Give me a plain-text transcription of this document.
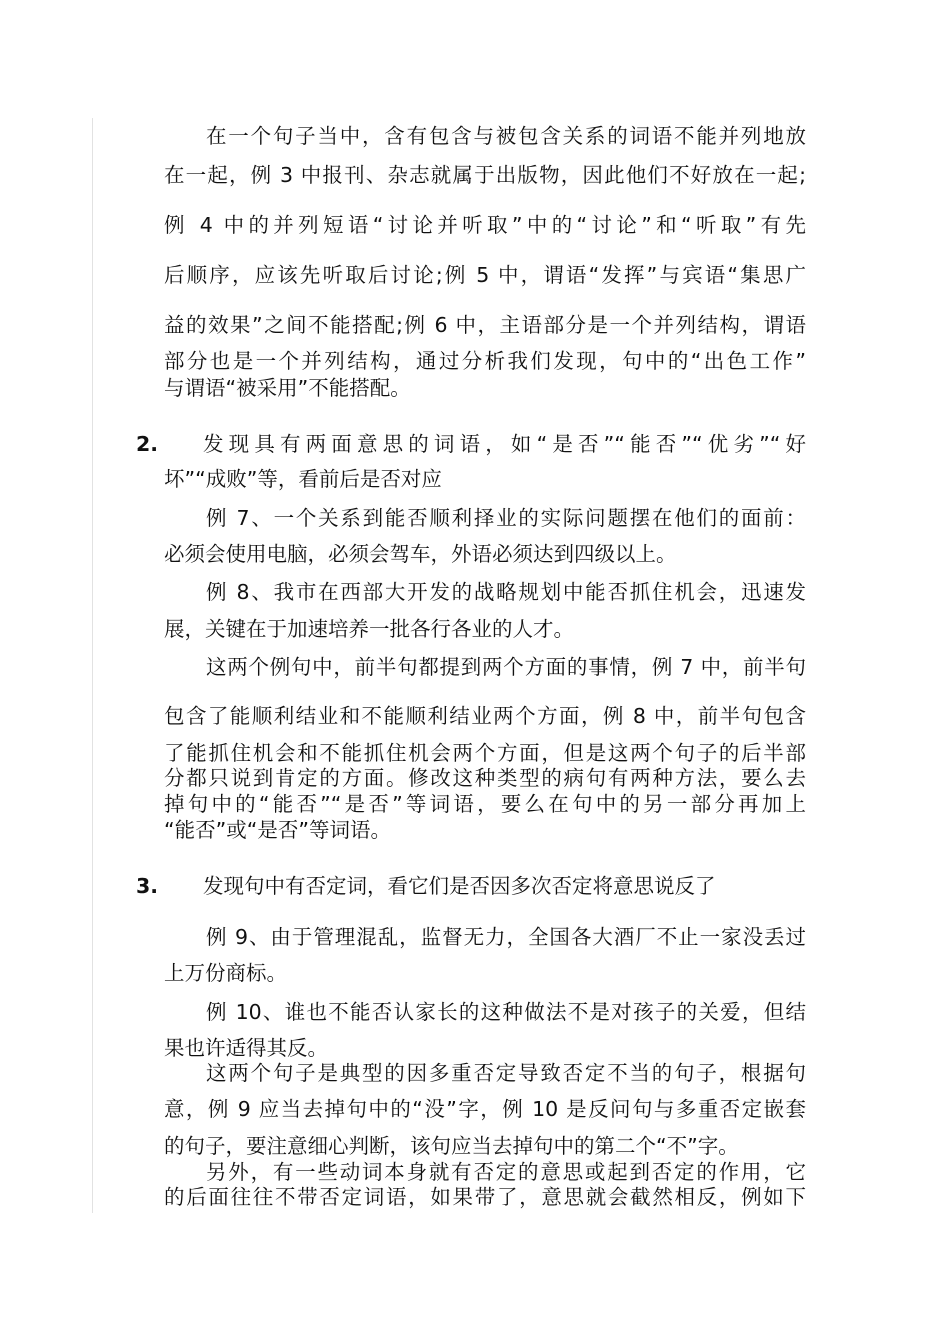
在一个句子当中，含有包含与被包含关系的词语不能并列地放
在一起，例 3 中报刊、杂志就属于出版物，因此他们不好放在一起;
例 4 中的并列短语“讨论并听取”中的“讨论”和“听取”有先
后顺序，应该先听取后讨论;例 5 中，谓语“发挥”与宾语“集思广
益的效果”之间不能搭配;例 6 中，主语部分是一个并列结构，谓语
部分也是一个并列结构，通过分析我们发现，句中的“出色工作”
与谓语“被采用”不能搭配。
2. 发现具有两面意思的词语，如“是否”“能否”“优劣”“好
坏”“成败”等，看前后是否对应
例 7、一个关系到能否顺利择业的实际问题摆在他们的面前：
必须会使用电脑，必须会驾车，外语必须达到四级以上。
例 8、我市在西部大开发的战略规划中能否抓住机会，迅速发
展，关键在于加速培养一批各行各业的人才。
这两个例句中，前半句都提到两个方面的事情，例 7 中，前半句
包含了能顺利结业和不能顺利结业两个方面，例 8 中，前半句包含
了能抓住机会和不能抓住机会两个方面，但是这两个句子的后半部
分都只说到肯定的方面。修改这种类型的病句有两种方法，要么去
掉句中的“能否”“是否”等词语，要么在句中的另一部分再加上
“能否”或“是否”等词语。
3. 发现句中有否定词，看它们是否因多次否定将意思说反了
例 9、由于管理混乱，监督无力，全国各大酒厂不止一家没丢过
上万份商标。
例 10、谁也不能否认家长的这种做法不是对孩子的关爱，但结
果也许适得其反。
这两个句子是典型的因多重否定导致否定不当的句子，根据句
意，例 9 应当去掉句中的“没”字，例 10 是反问句与多重否定嵌套
的句子，要注意细心判断，该句应当去掉句中的第二个“不”字。
另外，有一些动词本身就有否定的意思或起到否定的作用，它
的后面往往不带否定词语，如果带了，意思就会截然相反，例如下
